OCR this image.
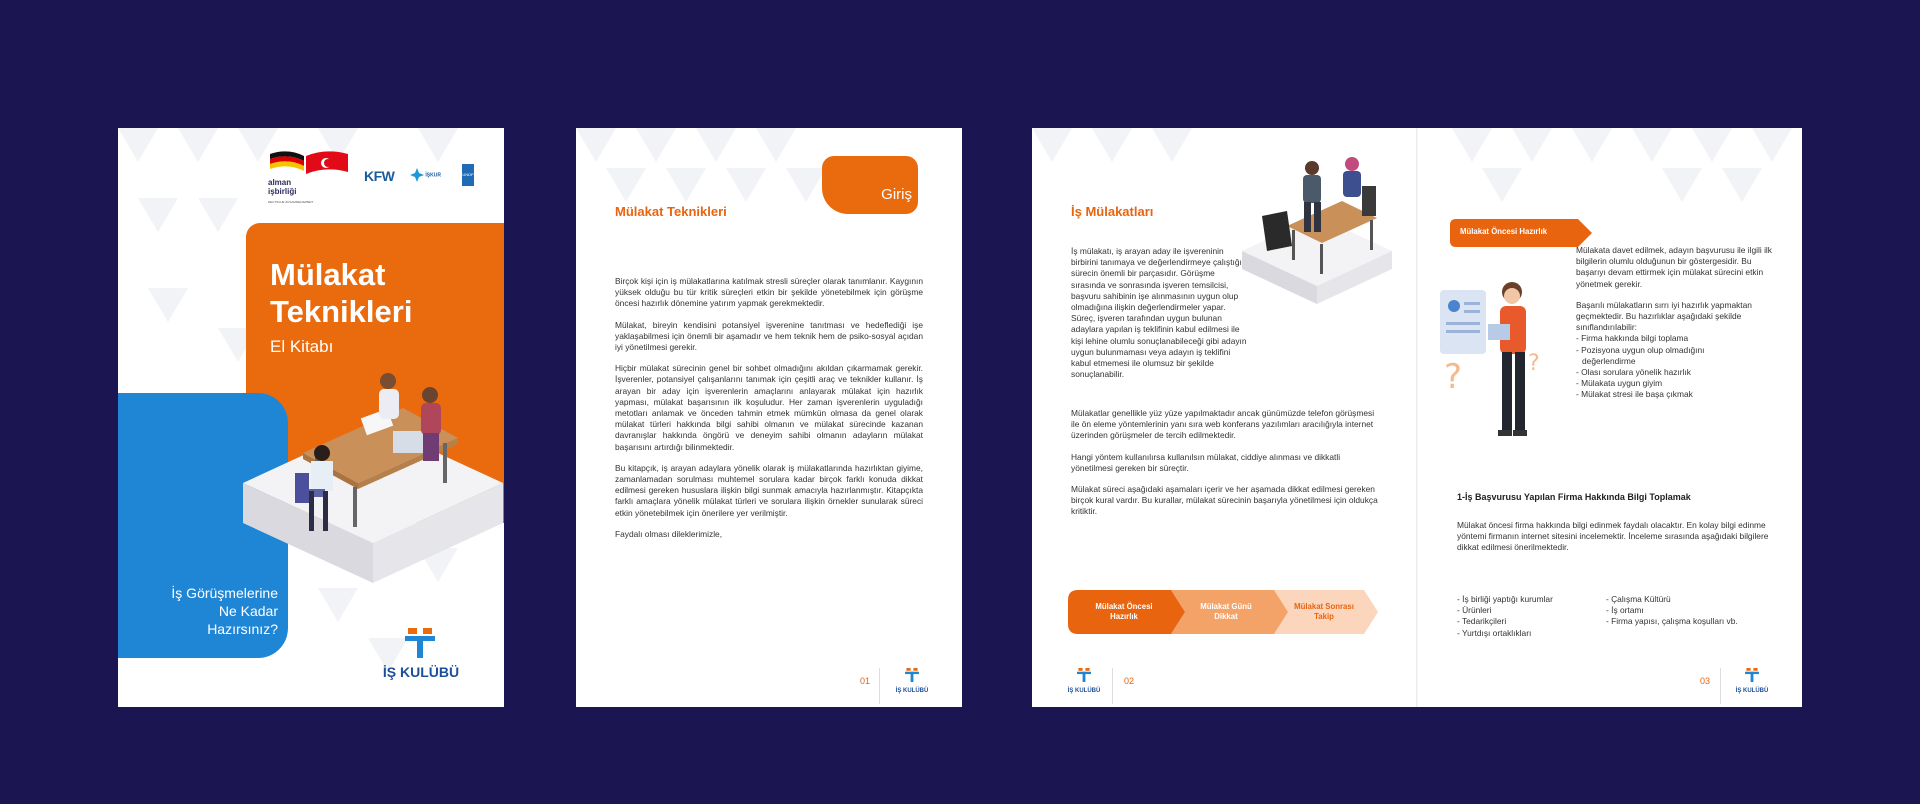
alman
işbirliği
DEUTSCHE ZUSAMMENARBEIT
KFW	İŞKUR	UNDP
Mülakat
Teknikleri
El Kitabı
İş Görüşmelerine
Ne Kadar
Hazırsınız?
İŞ KULÜBÜ
Giriş
Mülakat Teknikleri

Birçok kişi için iş mülakatlarına katılmak stresli süreçler olarak tanımlanır. Kaygının yüksek olduğu bu tür kritik süreçleri etkin bir şekilde yönetebilmek için görüşme öncesi hazırlık dönemine yatırım yapmak gerekmektedir.

Mülakat, bireyin kendisini potansiyel işverenine tanıtması ve hedeflediği işe yaklaşabilmesi için önemli bir aşamadır ve hem teknik hem de psiko-sosyal açıdan iyi yönetilmesi gerekir.

Hiçbir mülakat sürecinin genel bir sohbet olmadığını akıldan çıkarmamak gerekir. İşverenler, potansiyel çalışanlarını tanımak için çeşitli araç ve teknikler kullanır. İş arayan bir aday için işverenlerin amaçlarını anlayarak mülakat için hazırlık yapması, mülakat başarısının ilk koşuludur. Her zaman işverenlerin uyguladığı metotları anlamak ve önceden tahmin etmek mümkün olmasa da genel olarak mülakat türleri hakkında bilgi sahibi olmanın ve mülakat sürecinde kazanan davranışlar hakkında öngörü ve deneyim sahibi olmanın adayların mülakat başarısını artırdığı bilinmektedir.

Bu kitapçık, iş arayan adaylara yönelik olarak iş mülakatlarında hazırlıktan giyime, zamanlamadan sorulması muhtemel sorulara kadar birçok farklı konuda dikkat edilmesi gereken hususlara ilişkin bilgi sunmak amacıyla hazırlanmıştır. Kitapçıkta farklı amaçlara yönelik mülakat türleri ve sorulara ilişkin örnekler sunularak süreci etkin yönetebilmek için önerilere yer verilmiştir.

Faydalı olması dileklerimizle,

01
İŞ KULÜBÜ
İş Mülakatları

İş mülakatı, iş arayan aday ile işvereninin birbirini tanımaya ve değerlendirmeye çalıştığı sürecin önemli bir parçasıdır. Görüşme sırasında ve sonrasında işveren temsilcisi, başvuru sahibinin işe alınmasının uygun olup olmadığına ilişkin değerlendirmeler yapar. Süreç, işveren tarafından uygun bulunan adaylara yapılan iş teklifinin kabul edilmesi ile kişi lehine olumlu sonuçlanabileceği gibi adayın uygun bulunmaması veya adayın iş teklifini kabul etmemesi ile olumsuz bir şekilde sonuçlanabilir.

Mülakatlar genellikle yüz yüze yapılmaktadır ancak günümüzde telefon görüşmesi ile ön eleme yöntemlerinin yanı sıra web konferans yazılımları aracılığıyla internet üzerinden görüşmeler de tercih edilmektedir.

Hangi yöntem kullanılırsa kullanılsın mülakat, ciddiye alınması ve dikkatli yönetilmesi gereken bir süreçtir.

Mülakat süreci aşağıdaki aşamaları içerir ve her aşamada dikkat edilmesi gereken birçok kural vardır. Bu kurallar, mülakat sürecinin başarıyla yönetilmesi için oldukça kritiktir.

Mülakat Öncesi
Hazırlık
Mülakat Günü
Dikkat
Mülakat Sonrası
Takip
İŞ KULÜBÜ
02
Mülakat Öncesi Hazırlık
?	?

Mülakata davet edilmek, adayın başvurusu ile ilgili ilk bilgilerin olumlu olduğunun bir göstergesidir. Bu başarıyı devam ettirmek için mülakat sürecini etkin yönetmek gerekir.

Başarılı mülakatların sırrı iyi hazırlık yapmaktan geçmektedir. Bu hazırlıklar aşağıdaki şekilde sınıflandırılabilir:

- Firma hakkında bilgi toplama
- Pozisyona uygun olup olmadığını
değerlendirme
- Olası sorulara yönelik hazırlık
- Mülakata uygun giyim
- Mülakat stresi ile başa çıkmak
1-İş Başvurusu Yapılan Firma Hakkında Bilgi Toplamak

Mülakat öncesi firma hakkında bilgi edinmek faydalı olacaktır. En kolay bilgi edinme yöntemi firmanın internet sitesini incelemektir. İnceleme sırasında aşağıdaki bilgilere dikkat edilmesi önerilmektedir.

- İş birliği yaptığı kurumlar
- Ürünleri
- Tedarikçileri
- Yurtdışı ortaklıkları
- Çalışma Kültürü
- İş ortamı
- Firma yapısı, çalışma koşulları vb.
03
İŞ KULÜBÜ
